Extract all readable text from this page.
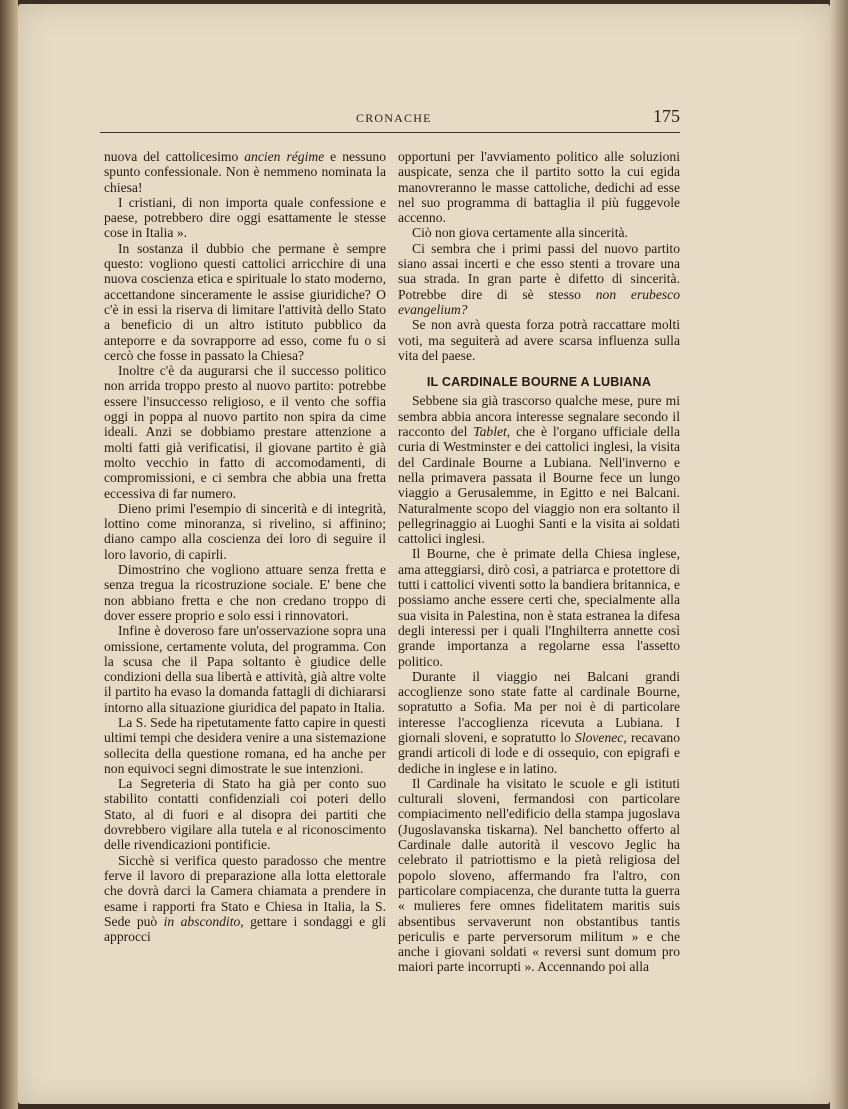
CRONACHE	175

nuova del cattolicesimo ancien régime e nessuno spunto confessionale. Non è nemmeno nominata la chiesa!

I cristiani, di non importa quale confessione e paese, potrebbero dire oggi esattamente le stesse cose in Italia ».

In sostanza il dubbio che permane è sempre questo: vogliono questi cattolici arricchire di una nuova coscienza etica e spirituale lo stato moderno, accettandone sinceramente le assise giuridiche? O c'è in essi la riserva di limitare l'attività dello Stato a beneficio di un altro istituto pubblico da anteporre e da sovrapporre ad esso, come fu o si cercò che fosse in passato la Chiesa?

Inoltre c'è da augurarsi che il successo politico non arrida troppo presto al nuovo partito: potrebbe essere l'insuccesso religioso, e il vento che soffia oggi in poppa al nuovo partito non spira da cime ideali. Anzi se dobbiamo prestare attenzione a molti fatti già verificatisi, il giovane partito è già molto vecchio in fatto di accomodamenti, di compromissioni, e ci sembra che abbia una fretta eccessiva di far numero.

Dieno primi l'esempio di sincerità e di integrità, lottino come minoranza, si rivelino, si affinino; diano campo alla coscienza dei loro di seguire il loro lavorio, di capirli.

Dimostrino che vogliono attuare senza fretta e senza tregua la ricostruzione sociale. E' bene che non abbiano fretta e che non credano troppo di dover essere proprio e solo essi i rinnovatori.

Infine è doveroso fare un'osservazione sopra una omissione, certamente voluta, del programma. Con la scusa che il Papa soltanto è giudice delle condizioni della sua libertà e attività, già altre volte il partito ha evaso la domanda fattagli di dichiararsi intorno alla situazione giuridica del papato in Italia.

La S. Sede ha ripetutamente fatto capire in questi ultimi tempi che desidera venire a una sistemazione sollecita della questione romana, ed ha anche per non equivoci segni dimostrate le sue intenzioni.

La Segreteria di Stato ha già per conto suo stabilito contatti confidenziali coi poteri dello Stato, al di fuori e al disopra dei partiti che dovrebbero vigilare alla tutela e al riconoscimento delle rivendicazioni pontificie.

Sicchè si verifica questo paradosso che mentre ferve il lavoro di preparazione alla lotta elettorale che dovrà darci la Camera chiamata a prendere in esame i rapporti fra Stato e Chiesa in Italia, la S. Sede può in abscondito, gettare i sondaggi e gli approcci

opportuni per l'avviamento politico alle soluzioni auspicate, senza che il partito sotto la cui egida manovreranno le masse cattoliche, dedichi ad esse nel suo programma di battaglia il più fuggevole accenno.

Ciò non giova certamente alla sincerità.

Ci sembra che i primi passi del nuovo partito siano assai incerti e che esso stenti a trovare una sua strada. In gran parte è difetto di sincerità. Potrebbe dire di sè stesso non erubesco evangelium?

Se non avrà questa forza potrà raccattare molti voti, ma seguiterà ad avere scarsa influenza sulla vita del paese.

IL CARDINALE BOURNE A LUBIANA

Sebbene sia già trascorso qualche mese, pure mi sembra abbia ancora interesse segnalare secondo il racconto del Tablet, che è l'organo ufficiale della curia di Westminster e dei cattolici inglesi, la visita del Cardinale Bourne a Lubiana. Nell'inverno e nella primavera passata il Bourne fece un lungo viaggio a Gerusalemme, in Egitto e nei Balcani. Naturalmente scopo del viaggio non era soltanto il pellegrinaggio ai Luoghi Santi e la visita ai soldati cattolici inglesi.

Il Bourne, che è primate della Chiesa inglese, ama atteggiarsi, dirò così, a patriarca e protettore di tutti i cattolici viventi sotto la bandiera britannica, e possiamo anche essere certi che, specialmente alla sua visita in Palestina, non è stata estranea la difesa degli interessi per i quali l'Inghilterra annette così grande importanza a regolarne essa l'assetto politico.

Durante il viaggio nei Balcani grandi accoglienze sono state fatte al cardinale Bourne, sopratutto a Sofia. Ma per noi è di particolare interesse l'accoglienza ricevuta a Lubiana. I giornali sloveni, e sopratutto lo Slovenec, recavano grandi articoli di lode e di ossequio, con epigrafi e dediche in inglese e in latino.

Il Cardinale ha visitato le scuole e gli istituti culturali sloveni, fermandosi con particolare compiacimento nell'edificio della stampa jugoslava (Jugoslavanska tiskarna). Nel banchetto offerto al Cardinale dalle autorità il vescovo Jeglic ha celebrato il patriottismo e la pietà religiosa del popolo sloveno, affermando fra l'altro, con particolare compiacenza, che durante tutta la guerra « mulieres fere omnes fidelitatem maritis suis absentibus servaverunt non obstantibus tantis periculis e parte perversorum militum » e che anche i giovani soldati « reversi sunt domum pro maiori parte incorrupti ». Accennando poi alla
